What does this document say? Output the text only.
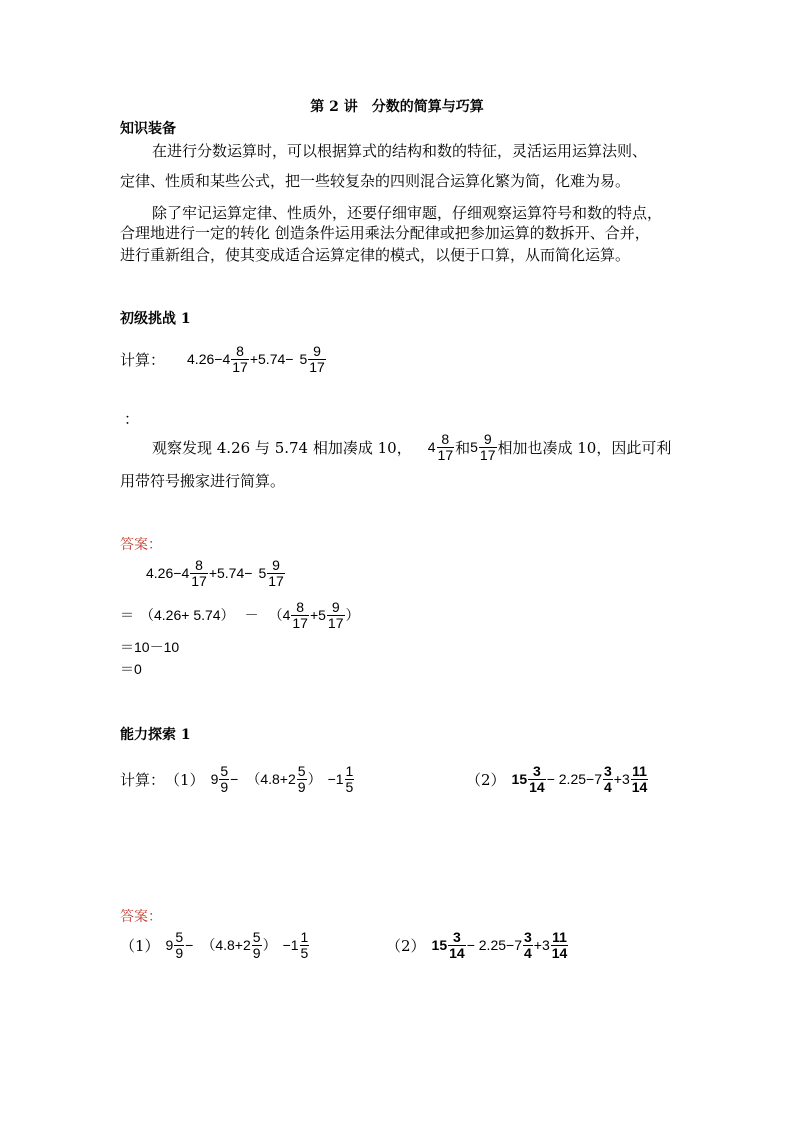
第 2 讲　分数的简算与巧算
知识装备
在进行分数运算时，可以根据算式的结构和数的特征，灵活运用运算法则、
定律、性质和某些公式，把一些较复杂的四则混合运算化繁为简，化难为易。
除了牢记运算定律、性质外，还要仔细审题，仔细观察运算符号和数的特点，
合理地进行一定的转化 创造条件运用乘法分配律或把参加运算的数拆开、合并，
进行重新组合，使其变成适合运算定律的模式，以便于口算，从而简化运算。
初级挑战 1
计算： $4.26 - 4 \frac{8}{17} + 5.74 - 5 \frac{9}{17}$
：
观察发现 4.26 与 5.74 相加凑成 10， $4 \frac{8}{17}$ 和 $5 \frac{9}{17}$ 相加也凑成 10，因此可利
用带符号搬家进行简算。
答案：
$4.26 - 4 \frac{8}{17} + 5.74 - 5 \frac{9}{17}$
＝ （4.26+ 5.74） － （ $4 \frac{8}{17} + 5 \frac{9}{17}$ ）
＝10－10
＝0
能力探索 1
计算： （1） $9 \frac{5}{9} - (4.8+2 \frac{5}{9}$ ） $-1 \frac{1}{5}$	（2） $15 \frac{3}{14} - 2.25-7 \frac{3}{4} +3 \frac{11}{14}$
答案：
（1） $9 \frac{5}{9} - (4.8+2 \frac{5}{9}$ ） $-1 \frac{1}{5}$	（2） $15 \frac{3}{14} - 2.25-7 \frac{3}{4} +3 \frac{11}{14}$
